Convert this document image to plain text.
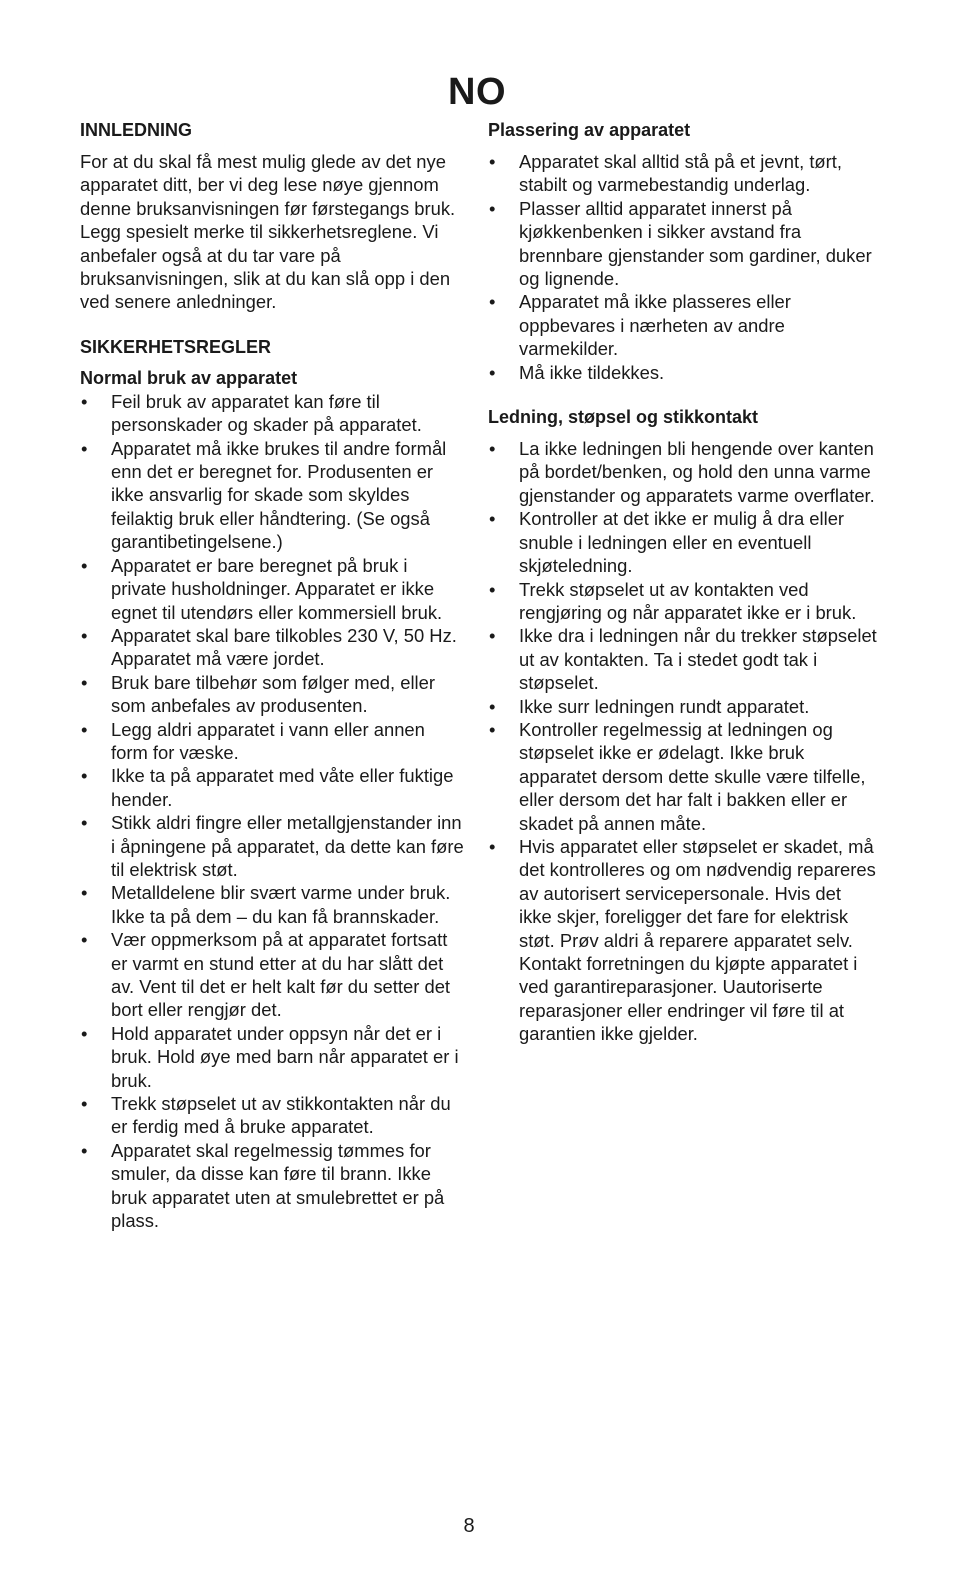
NO
INNLEDNING

For at du skal få mest mulig glede av det nye apparatet ditt, ber vi deg lese nøye gjennom denne bruksanvisningen før førstegangs bruk. Legg spesielt merke til sikkerhetsreglene. Vi anbefaler også at du tar vare på bruksanvisningen, slik at du kan slå opp i den ved senere anledninger.

SIKKERHETSREGLER
Normal bruk av apparatet
• Feil bruk av apparatet kan føre til personskader og skader på apparatet.
• Apparatet må ikke brukes til andre formål enn det er beregnet for. Produsenten er ikke ansvarlig for skade som skyldes feilaktig bruk eller håndtering. (Se også garantibetingelsene.)
• Apparatet er bare beregnet på bruk i private husholdninger. Apparatet er ikke egnet til utendørs eller kommersiell bruk.
• Apparatet skal bare tilkobles 230 V, 50 Hz. Apparatet må være jordet.
• Bruk bare tilbehør som følger med, eller som anbefales av produsenten.
• Legg aldri apparatet i vann eller annen form for væske.
• Ikke ta på apparatet med våte eller fuktige hender.
• Stikk aldri fingre eller metallgjenstander inn i åpningene på apparatet, da dette kan føre til elektrisk støt.
• Metalldelene blir svært varme under bruk. Ikke ta på dem – du kan få brannskader.
• Vær oppmerksom på at apparatet fortsatt er varmt en stund etter at du har slått det av. Vent til det er helt kalt før du setter det bort eller rengjør det.
• Hold apparatet under oppsyn når det er i bruk. Hold øye med barn når apparatet er i bruk.
• Trekk støpselet ut av stikkontakten når du er ferdig med å bruke apparatet.
• Apparatet skal regelmessig tømmes for smuler, da disse kan føre til brann. Ikke bruk apparatet uten at smulebrettet er på plass.
Plassering av apparatet
• Apparatet skal alltid stå på et jevnt, tørt, stabilt og varmebestandig underlag.
• Plasser alltid apparatet innerst på kjøkkenbenken i sikker avstand fra brennbare gjenstander som gardiner, duker og lignende.
• Apparatet må ikke plasseres eller oppbevares i nærheten av andre varmekilder.
• Må ikke tildekkes.
Ledning, støpsel og stikkontakt
• La ikke ledningen bli hengende over kanten på bordet/benken, og hold den unna varme gjenstander og apparatets varme overflater.
• Kontroller at det ikke er mulig å dra eller snuble i ledningen eller en eventuell skjøteledning.
• Trekk støpselet ut av kontakten ved rengjøring og når apparatet ikke er i bruk.
• Ikke dra i ledningen når du trekker støpselet ut av kontakten. Ta i stedet godt tak i støpselet.
• Ikke surr ledningen rundt apparatet.
• Kontroller regelmessig at ledningen og støpselet ikke er ødelagt. Ikke bruk apparatet dersom dette skulle være tilfelle, eller dersom det har falt i bakken eller er skadet på annen måte.
• Hvis apparatet eller støpselet er skadet, må det kontrolleres og om nødvendig repareres av autorisert servicepersonale. Hvis det ikke skjer, foreligger det fare for elektrisk støt. Prøv aldri å reparere apparatet selv. Kontakt forretningen du kjøpte apparatet i ved garantireparasjoner. Uautoriserte reparasjoner eller endringer vil føre til at garantien ikke gjelder.
8
